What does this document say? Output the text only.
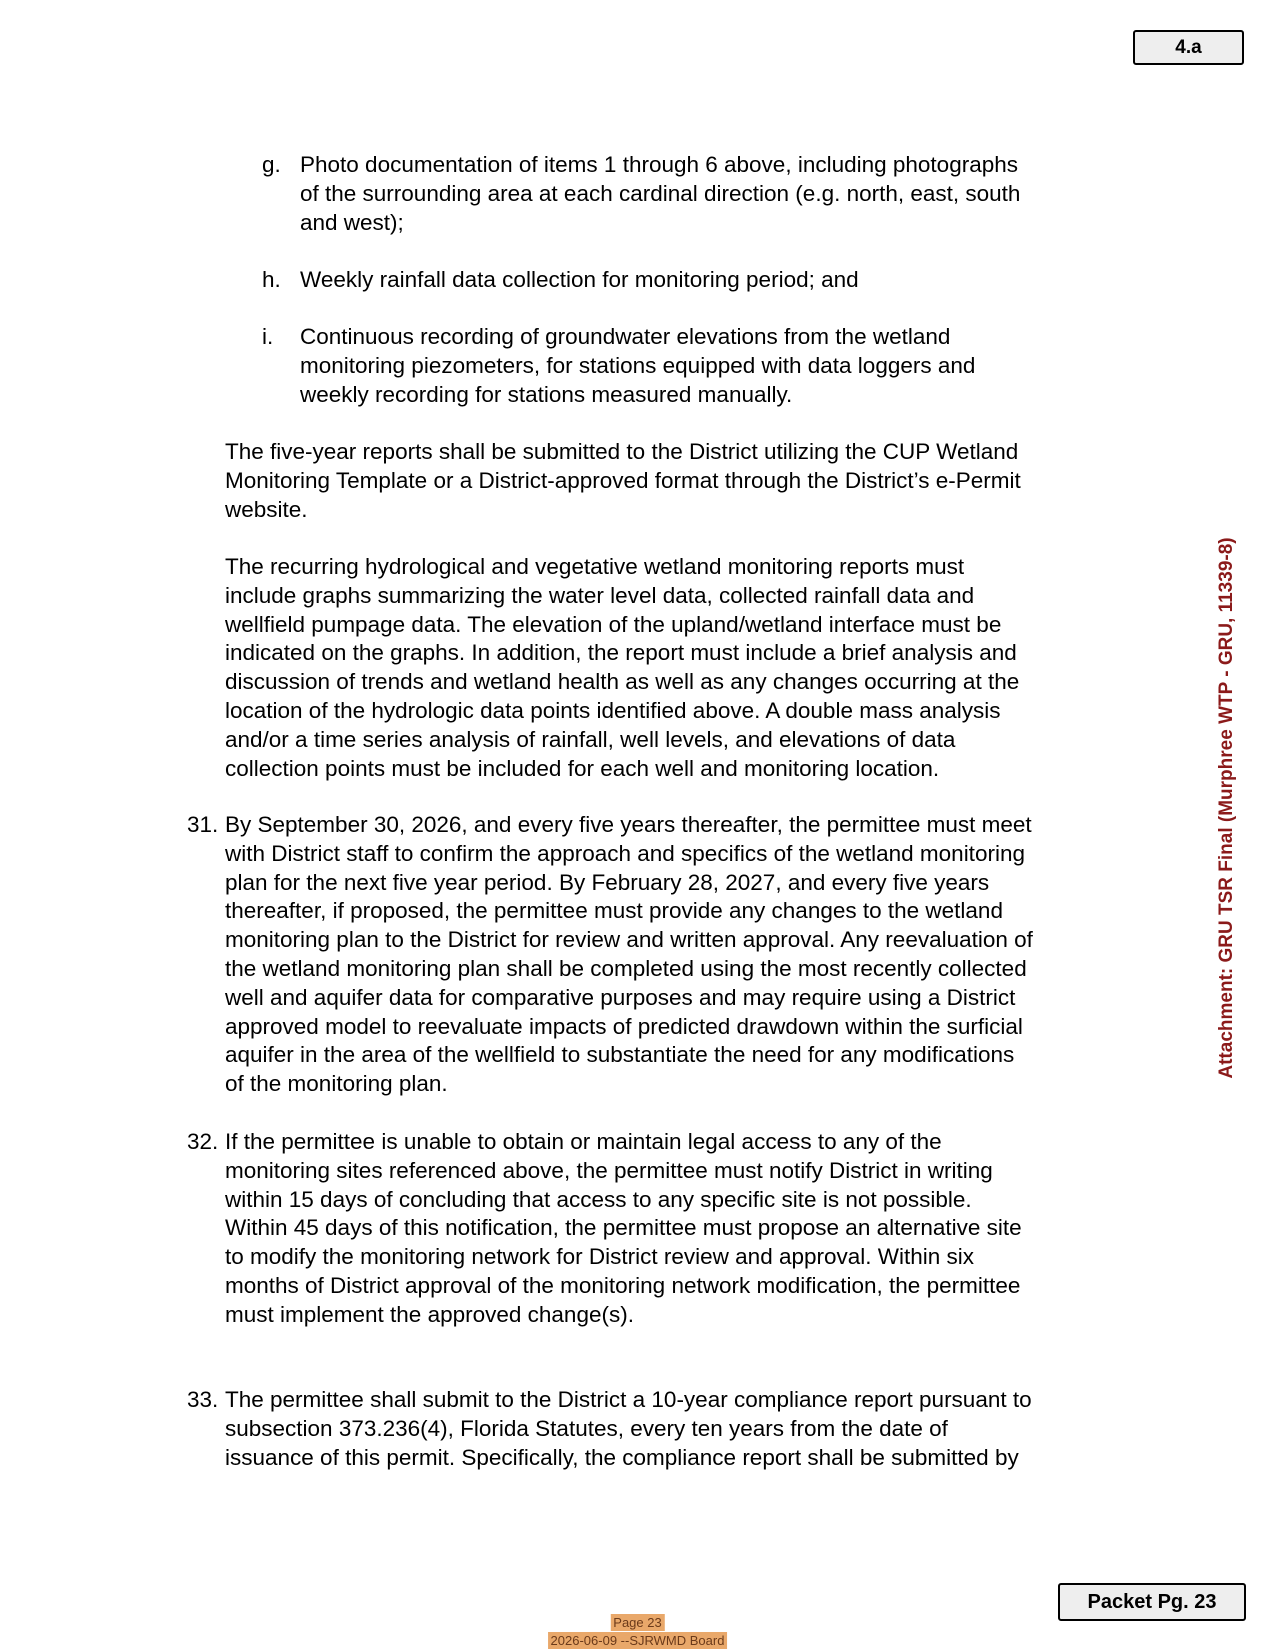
4.a
Attachment: GRU TSR Final (Murphree WTP - GRU, 11339-8)
g. Photo documentation of items 1 through 6 above, including photographs
of the surrounding area at each cardinal direction (e.g. north, east, south
and west);
h. Weekly rainfall data collection for monitoring period; and
i. Continuous recording of groundwater elevations from the wetland
monitoring piezometers, for stations equipped with data loggers and
weekly recording for stations measured manually.
The five-year reports shall be submitted to the District utilizing the CUP Wetland
Monitoring Template or a District-approved format through the District’s e-Permit
website.
The recurring hydrological and vegetative wetland monitoring reports must
include graphs summarizing the water level data, collected rainfall data and
wellfield pumpage data. The elevation of the upland/wetland interface must be
indicated on the graphs. In addition, the report must include a brief analysis and
discussion of trends and wetland health as well as any changes occurring at the
location of the hydrologic data points identified above. A double mass analysis
and/or a time series analysis of rainfall, well levels, and elevations of data
collection points must be included for each well and monitoring location.
31. By September 30, 2026, and every five years thereafter, the permittee must meet
with District staff to confirm the approach and specifics of the wetland monitoring
plan for the next five year period. By February 28, 2027, and every five years
thereafter, if proposed, the permittee must provide any changes to the wetland
monitoring plan to the District for review and written approval. Any reevaluation of
the wetland monitoring plan shall be completed using the most recently collected
well and aquifer data for comparative purposes and may require using a District
approved model to reevaluate impacts of predicted drawdown within the surficial
aquifer in the area of the wellfield to substantiate the need for any modifications
of the monitoring plan.
32. If the permittee is unable to obtain or maintain legal access to any of the
monitoring sites referenced above, the permittee must notify District in writing
within 15 days of concluding that access to any specific site is not possible.
Within 45 days of this notification, the permittee must propose an alternative site
to modify the monitoring network for District review and approval. Within six
months of District approval of the monitoring network modification, the permittee
must implement the approved change(s).
33. The permittee shall submit to the District a 10-year compliance report pursuant to
subsection 373.236(4), Florida Statutes, every ten years from the date of
issuance of this permit. Specifically, the compliance report shall be submitted by
Packet Pg. 23
Page 23
2026-06-09 --SJRWMD Board
